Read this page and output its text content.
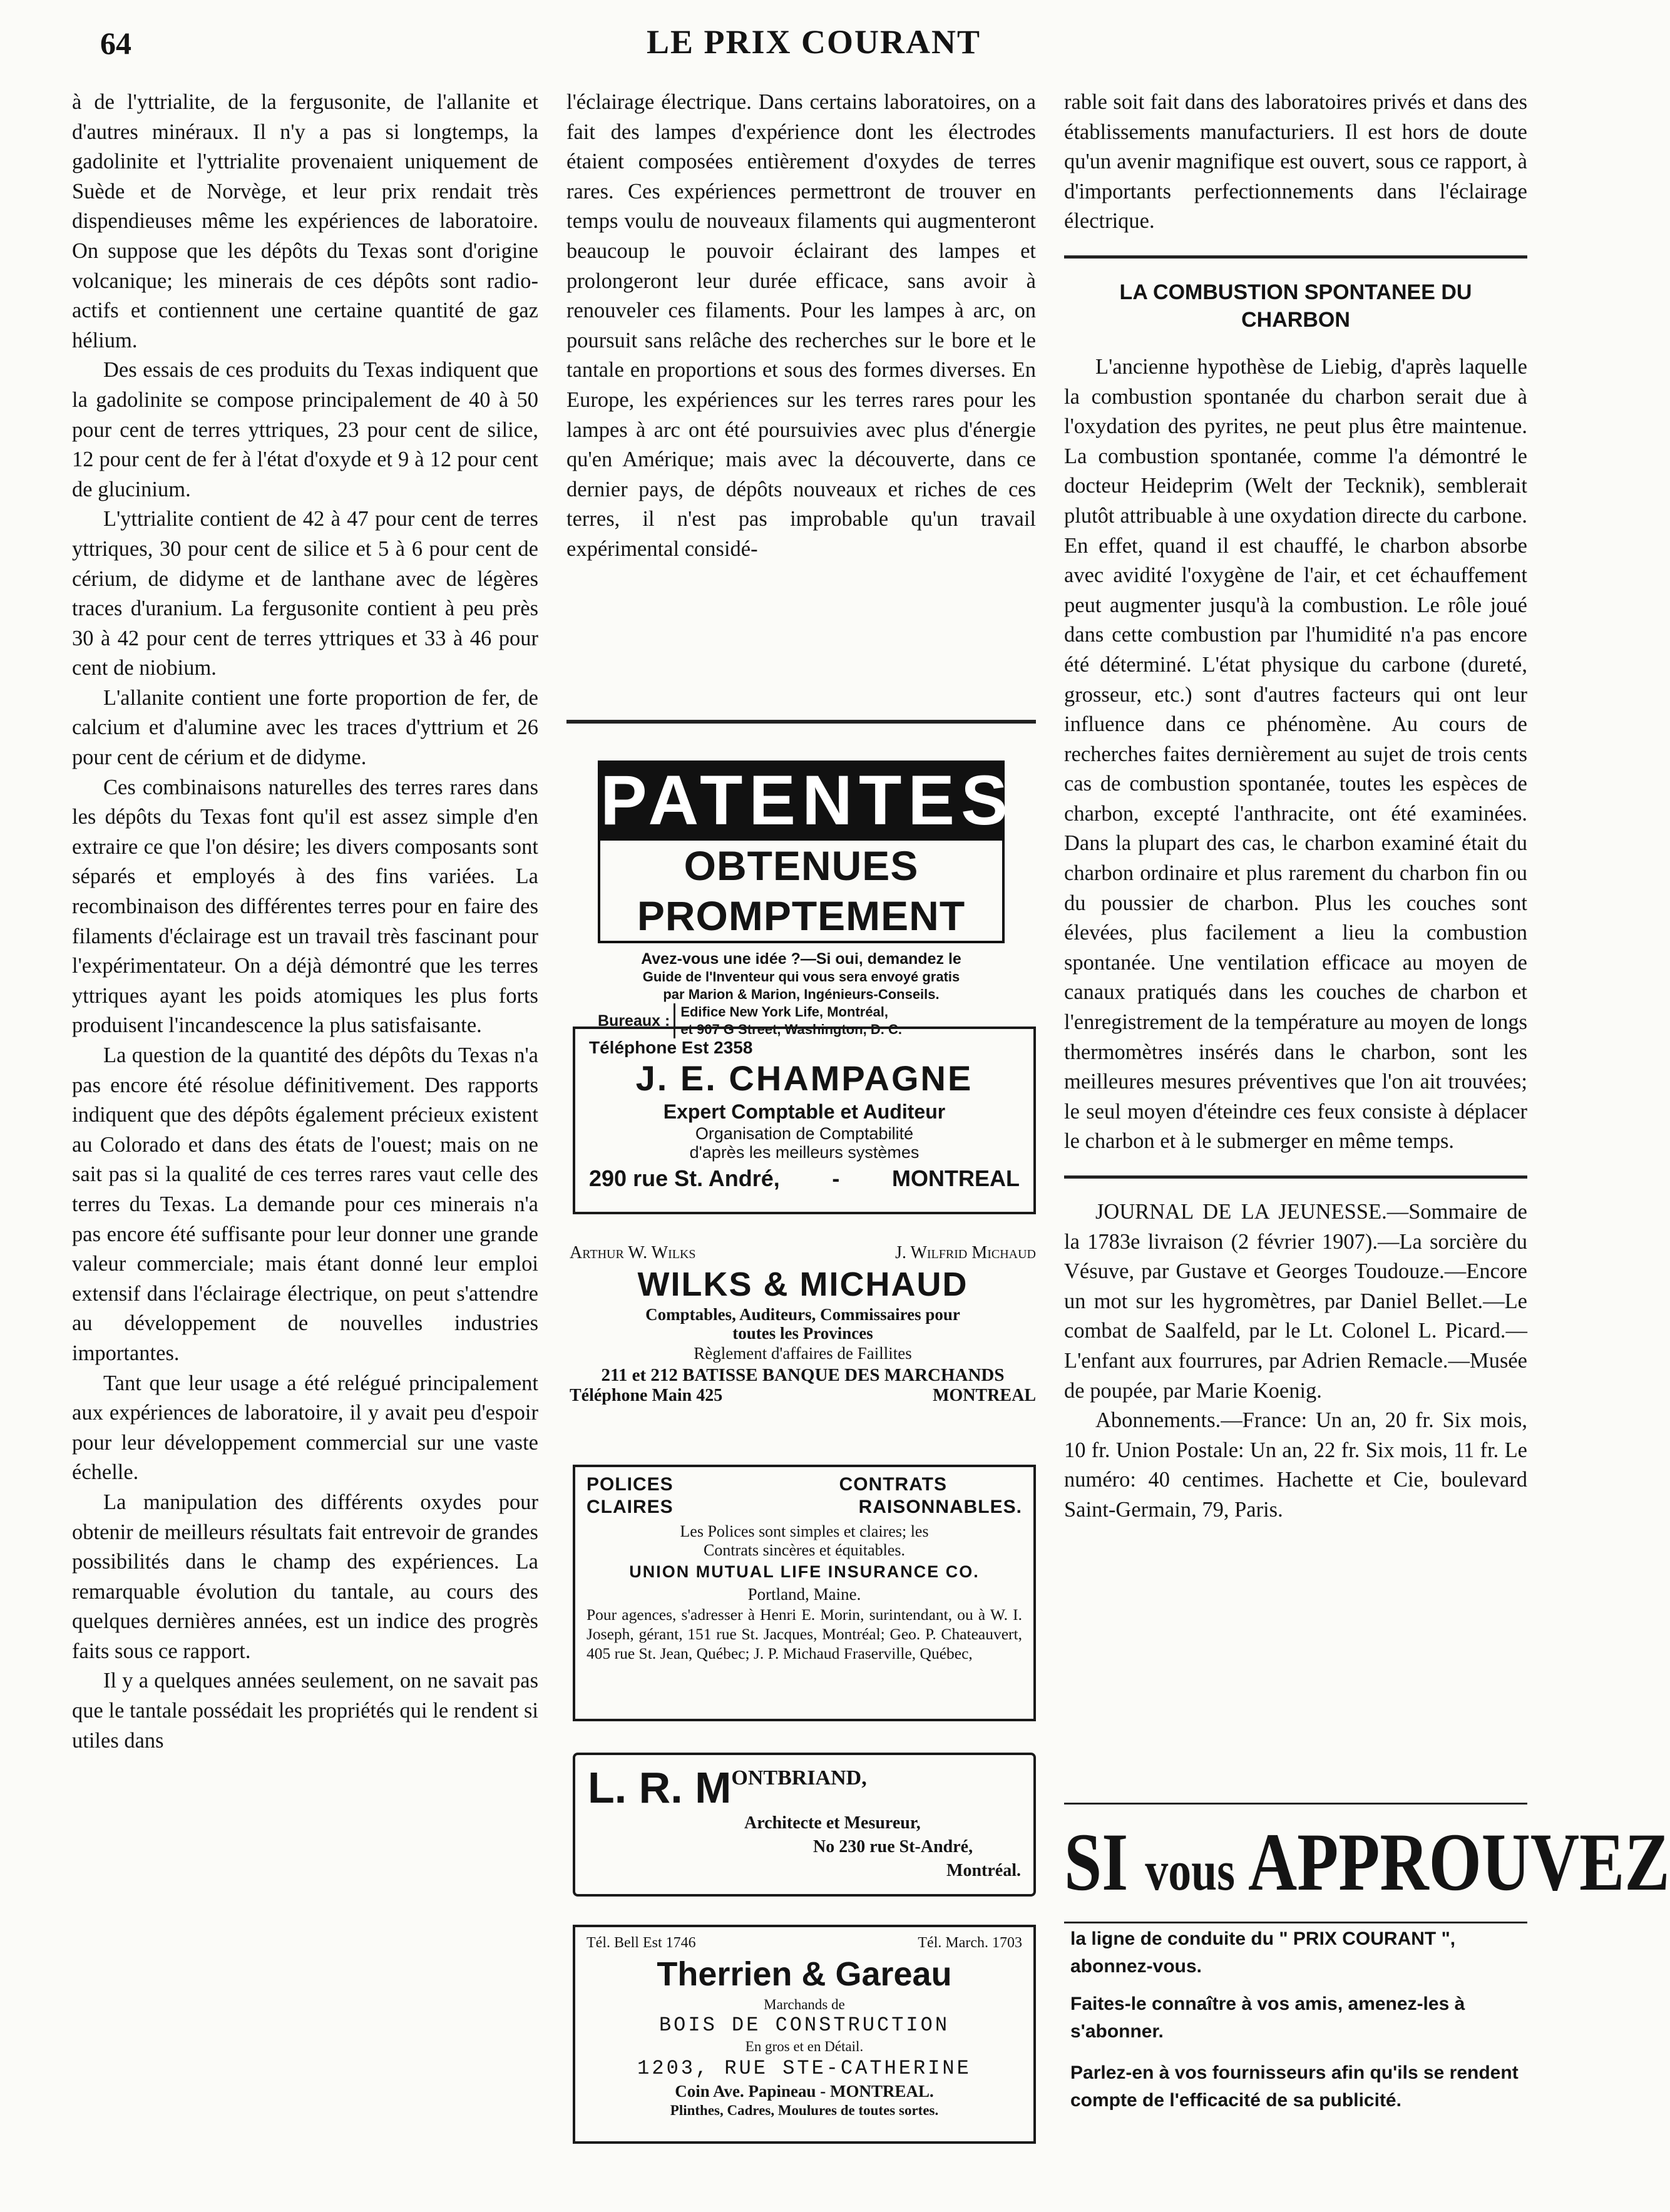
64	LE PRIX COURANT

à de l'yttrialite, de la fergusonite, de l'allanite et d'autres minéraux. Il n'y a pas si longtemps, la gadolinite et l'yttrialite provenaient uniquement de Suède et de Norvège, et leur prix rendait très dispendieuses même les expériences de laboratoire. On suppose que les dépôts du Texas sont d'origine volcanique; les minerais de ces dépôts sont radio-actifs et contiennent une certaine quantité de gaz hélium.

Des essais de ces produits du Texas indiquent que la gadolinite se compose principalement de 40 à 50 pour cent de terres yttriques, 23 pour cent de silice, 12 pour cent de fer à l'état d'oxyde et 9 à 12 pour cent de glucinium.

L'yttrialite contient de 42 à 47 pour cent de terres yttriques, 30 pour cent de silice et 5 à 6 pour cent de cérium, de didyme et de lanthane avec de légères traces d'uranium. La fergusonite contient à peu près 30 à 42 pour cent de terres yttriques et 33 à 46 pour cent de niobium.

L'allanite contient une forte proportion de fer, de calcium et d'alumine avec les traces d'yttrium et 26 pour cent de cérium et de didyme.

Ces combinaisons naturelles des terres rares dans les dépôts du Texas font qu'il est assez simple d'en extraire ce que l'on désire; les divers composants sont séparés et employés à des fins variées. La recombinaison des différentes terres pour en faire des filaments d'éclairage est un travail très fascinant pour l'expérimentateur. On a déjà démontré que les terres yttriques ayant les poids atomiques les plus forts produisent l'incandescence la plus satisfaisante.

La question de la quantité des dépôts du Texas n'a pas encore été résolue définitivement. Des rapports indiquent que des dépôts également précieux existent au Colorado et dans des états de l'ouest; mais on ne sait pas si la qualité de ces terres rares vaut celle des terres du Texas. La demande pour ces minerais n'a pas encore été suffisante pour leur donner une grande valeur commerciale; mais étant donné leur emploi extensif dans l'éclairage électrique, on peut s'attendre au développement de nouvelles industries importantes.

Tant que leur usage a été relégué principalement aux expériences de laboratoire, il y avait peu d'espoir pour leur développement commercial sur une vaste échelle.

La manipulation des différents oxydes pour obtenir de meilleurs résultats fait entrevoir de grandes possibilités dans le champ des expériences. La remarquable évolution du tantale, au cours des quelques dernières années, est un indice des progrès faits sous ce rapport.

Il y a quelques années seulement, on ne savait pas que le tantale possédait les propriétés qui le rendent si utiles dans

l'éclairage électrique. Dans certains laboratoires, on a fait des lampes d'expérience dont les électrodes étaient composées entièrement d'oxydes de terres rares. Ces expériences permettront de trouver en temps voulu de nouveaux filaments qui augmenteront beaucoup le pouvoir éclairant des lampes et prolongeront leur durée efficace, sans avoir à renouveler ces filaments. Pour les lampes à arc, on poursuit sans relâche des recherches sur le bore et le tantale en proportions et sous des formes diverses. En Europe, les expériences sur les terres rares pour les lampes à arc ont été poursuivies avec plus d'énergie qu'en Amérique; mais avec la découverte, dans ce dernier pays, de dépôts nouveaux et riches de ces terres, il n'est pas improbable qu'un travail expérimental considé-

PATENTES
OBTENUES PROMPTEMENT
Avez-vous une idée ?—Si oui, demandez le
Guide de l'Inventeur qui vous sera envoyé gratis
par Marion & Marion, Ingénieurs-Conseils.
Bureaux :
Edifice New York Life, Montréal,
et 907 G Street, Washington, D. C.
Téléphone Est 2358
J. E. CHAMPAGNE
Expert Comptable et Auditeur
Organisation de Comptabilité
d'après les meilleurs systèmes
290 rue St. André, - MONTREAL
Arthur W. Wilks	J. Wilfrid Michaud
WILKS & MICHAUD
Comptables, Auditeurs, Commissaires pour
toutes les Provinces
Règlement d'affaires de Faillites
211 et 212 BATISSE BANQUE DES MARCHANDS
Téléphone Main 425	MONTREAL
POLICES	CONTRATS
CLAIRES	RAISONNABLES.
Les Polices sont simples et claires; les
Contrats sincères et équitables.
UNION MUTUAL LIFE INSURANCE CO.
Portland, Maine.
Pour agences, s'adresser à Henri E. Morin, surintendant, ou à W. I. Joseph, gérant, 151 rue St. Jacques, Montréal; Geo. P. Chateauvert, 405 rue St. Jean, Québec; J. P. Michaud Fraserville, Québec,
L. R. M ONTBRIAND,
Architecte et Mesureur,
No 230 rue St-André,
Montréal.
Tél. Bell Est 1746	Tél. March. 1703
Therrien & Gareau
Marchands de
BOIS DE CONSTRUCTION
En gros et en Détail.
1203, RUE STE-CATHERINE
Coin Ave. Papineau - MONTREAL.
Plinthes, Cadres, Moulures de toutes sortes.

rable soit fait dans des laboratoires privés et dans des établissements manufacturiers. Il est hors de doute qu'un avenir magnifique est ouvert, sous ce rapport, à d'importants perfectionnements dans l'éclairage électrique.

LA COMBUSTION SPONTANEE DU CHARBON

L'ancienne hypothèse de Liebig, d'après laquelle la combustion spontanée du charbon serait due à l'oxydation des pyrites, ne peut plus être maintenue. La combustion spontanée, comme l'a démontré le docteur Heideprim (Welt der Tecknik), semblerait plutôt attribuable à une oxydation directe du carbone. En effet, quand il est chauffé, le charbon absorbe avec avidité l'oxygène de l'air, et cet échauffement peut augmenter jusqu'à la combustion. Le rôle joué dans cette combustion par l'humidité n'a pas encore été déterminé. L'état physique du carbone (dureté, grosseur, etc.) sont d'autres facteurs qui ont leur influence dans ce phénomène. Au cours de recherches faites dernièrement au sujet de trois cents cas de combustion spontanée, toutes les espèces de charbon, excepté l'anthracite, ont été examinées. Dans la plupart des cas, le charbon examiné était du charbon ordinaire et plus rarement du charbon fin ou du poussier de charbon. Plus les couches sont élevées, plus facilement a lieu la combustion spontanée. Une ventilation efficace au moyen de canaux pratiqués dans les couches de charbon et l'enregistrement de la température au moyen de longs thermomètres insérés dans le charbon, sont les meilleures mesures préventives que l'on ait trouvées; le seul moyen d'éteindre ces feux consiste à déplacer le charbon et à le submerger en même temps.

JOURNAL DE LA JEUNESSE.—Sommaire de la 1783e livraison (2 février 1907).—La sorcière du Vésuve, par Gustave et Georges Toudouze.—Encore un mot sur les hygromètres, par Daniel Bellet.—Le combat de Saalfeld, par le Lt. Colonel L. Picard.—L'enfant aux fourrures, par Adrien Remacle.—Musée de poupée, par Marie Koenig.

Abonnements.—France: Un an, 20 fr. Six mois, 10 fr. Union Postale: Un an, 22 fr. Six mois, 11 fr. Le numéro: 40 centimes. Hachette et Cie, boulevard Saint-Germain, 79, Paris.

SI vous APPROUVEZ
la ligne de conduite du " PRIX COURANT ", abonnez-vous.
Faites-le connaître à vos amis, amenez-les à s'abonner.
Parlez-en à vos fournisseurs afin qu'ils se rendent compte de l'efficacité de sa publicité.
